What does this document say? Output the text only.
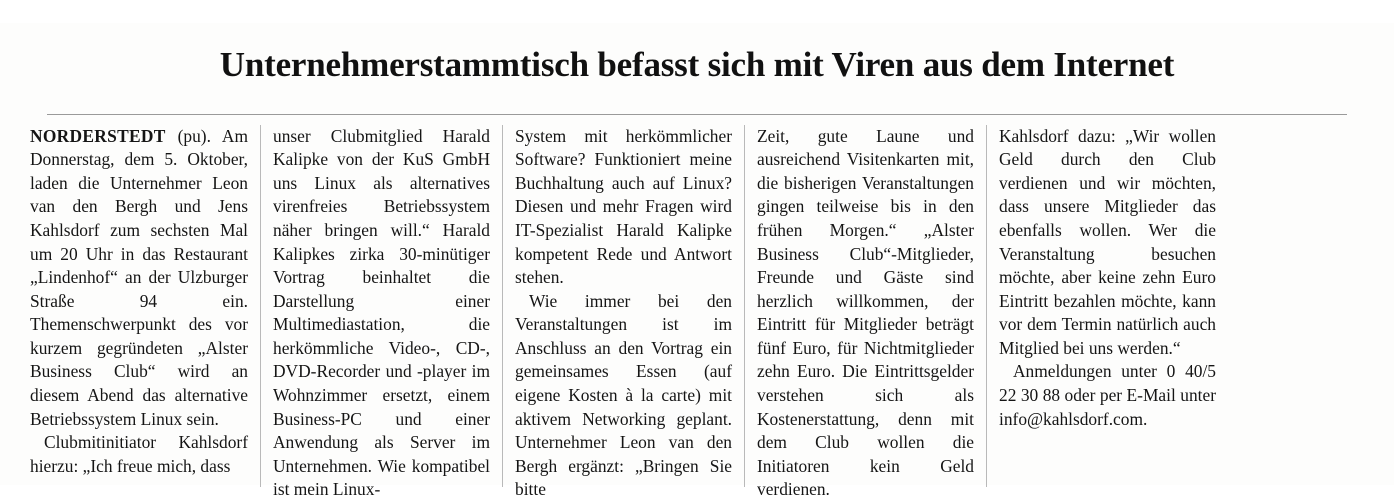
Unternehmerstammtisch befasst sich mit Viren aus dem Internet

NORDERSTEDT (pu). Am Donnerstag, dem 5. Oktober, laden die Unternehmer Leon van den Bergh und Jens Kahlsdorf zum sechsten Mal um 20 Uhr in das Restaurant „Lindenhof“ an der Ulzburger Straße 94 ein. Themenschwerpunkt des vor kurzem gegründeten „Alster Business Club“ wird an diesem Abend das alternative Betriebssystem Linux sein.

Clubmitinitiator Kahlsdorf hierzu: „Ich freue mich, dass

unser Clubmitglied Harald Kalipke von der KuS GmbH uns Linux als alternatives virenfreies Betriebssystem näher bringen will.“ Harald Kalipkes zirka 30-minütiger Vortrag beinhaltet die Darstellung einer Multimediastation, die herkömmliche Video-, CD-, DVD-Recorder und -player im Wohnzimmer ersetzt, einem Business-PC und einer Anwendung als Server im Unternehmen. Wie kompatibel ist mein Linux-

System mit herkömmlicher Software? Funktioniert meine Buchhaltung auch auf Linux? Diesen und mehr Fragen wird IT-Spezialist Harald Kalipke kompetent Rede und Antwort stehen.

Wie immer bei den Veranstaltungen ist im Anschluss an den Vortrag ein gemeinsames Essen (auf eigene Kosten à la carte) mit aktivem Networking geplant. Unternehmer Leon van den Bergh ergänzt: „Bringen Sie bitte

Zeit, gute Laune und ausreichend Visitenkarten mit, die bisherigen Veranstaltungen gingen teilweise bis in den frühen Morgen.“ „Alster Business Club“-Mitglieder, Freunde und Gäste sind herzlich willkommen, der Eintritt für Mitglieder beträgt fünf Euro, für Nichtmitglieder zehn Euro. Die Eintrittsgelder verstehen sich als Kostenerstattung, denn mit dem Club wollen die Initiatoren kein Geld verdienen.

Kahlsdorf dazu: „Wir wollen Geld durch den Club verdienen und wir möchten, dass unsere Mitglieder das ebenfalls wollen. Wer die Veranstaltung besuchen möchte, aber keine zehn Euro Eintritt bezahlen möchte, kann vor dem Termin natürlich auch Mitglied bei uns werden.“

Anmeldungen unter 0 40/5 22 30 88 oder per E-Mail unter info@kahlsdorf.com.
